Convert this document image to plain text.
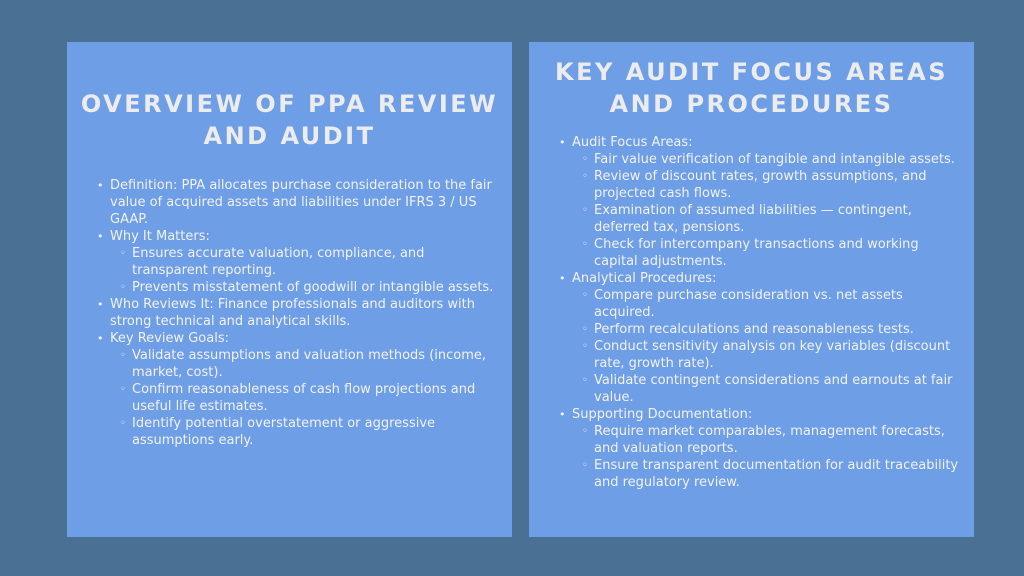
OVERVIEW OF PPA REVIEW AND AUDIT
• Definition: PPA allocates purchase consideration to the fair value of acquired assets and liabilities under IFRS 3 / US GAAP.
• Why It Matters:
◦ Ensures accurate valuation, compliance, and transparent reporting.
◦ Prevents misstatement of goodwill or intangible assets.
• Who Reviews It: Finance professionals and auditors with strong technical and analytical skills.
• Key Review Goals:
◦ Validate assumptions and valuation methods (income, market, cost).
◦ Confirm reasonableness of cash flow projections and useful life estimates.
◦ Identify potential overstatement or aggressive assumptions early.
KEY AUDIT FOCUS AREAS AND PROCEDURES
• Audit Focus Areas:
◦ Fair value verification of tangible and intangible assets.
◦ Review of discount rates, growth assumptions, and projected cash flows.
◦ Examination of assumed liabilities — contingent, deferred tax, pensions.
◦ Check for intercompany transactions and working capital adjustments.
• Analytical Procedures:
◦ Compare purchase consideration vs. net assets acquired.
◦ Perform recalculations and reasonableness tests.
◦ Conduct sensitivity analysis on key variables (discount rate, growth rate).
◦ Validate contingent considerations and earnouts at fair value.
• Supporting Documentation:
◦ Require market comparables, management forecasts, and valuation reports.
◦ Ensure transparent documentation for audit traceability and regulatory review.
